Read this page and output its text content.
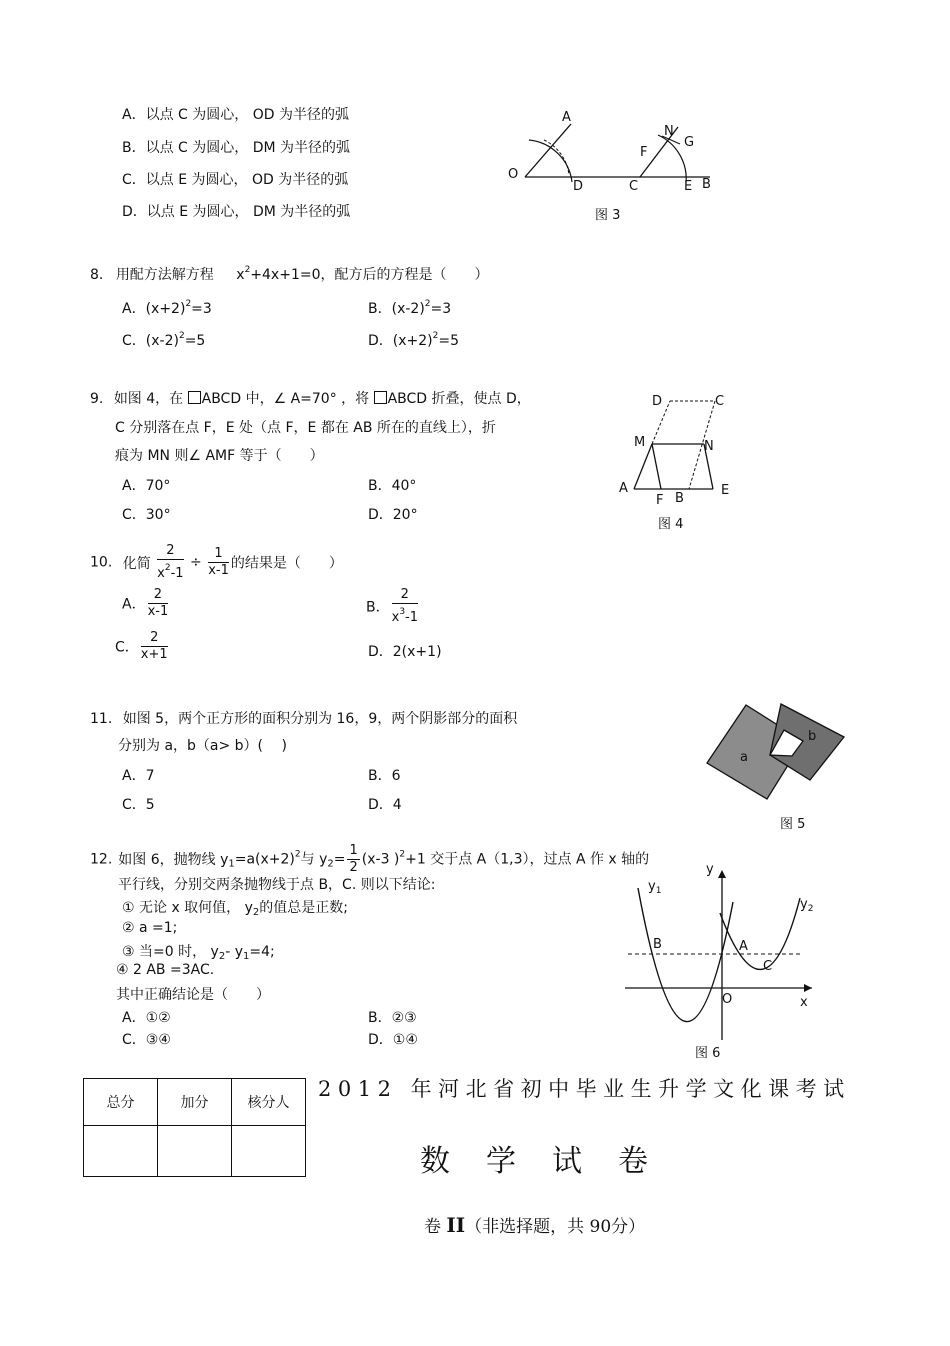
A．以点 C 为圆心， OD 为半径的弧
B．以点 C 为圆心， DM 为半径的弧
C．以点 E 为圆心， OD 为半径的弧
D．以点 E 为圆心， DM 为半径的弧
A
O
D	C	E B
N
G
F
图 3
8. 用配方法解方程 $x^2+4x+1=0$，配方后的方程是（　　）
A．$(x+2)^2=3$	B．$(x-2)^2=3$
C．$(x-2)^2=5$	D．$(x+2)^2=5$
9. 如图 4，在 ABCD 中，∠ A=70° ，将 ABCD 折叠，使点 D，
C 分别落在点 F，E 处（点 F，E 都在 AB 所在的直线上），折
痕为 MN 则∠ AMF 等于（　　）
A．70°	B．40°
C．30°	D．20°
D	C
M	N
A
F B
E
图 4
10. 化简 $\frac{2}{x^2-1} \div \frac{1}{x-1}$ 的结果是（　　）
A． $\frac{2}{x-1}$	B． $\frac{2}{x^3-1}$
C． $\frac{2}{x+1}$	D．2(x+1)
11. 如图 5，两个正方形的面积分别为 16，9，两个阴影部分的面积
分别为 a，b（a> b）(　 )
A．7	B．6
C．5	D．4
a
b
图 5
12. 如图 6，抛物线 $y_1=a(x+2)^2$与 $y_2= \frac{1}{2} (x-3$ )$^2$+1 交于点 A（1,3），过点 A 作 x 轴的
平行线，分别交两条抛物线于点 B，C. 则以下结论:
① 无论 x 取何值， $y_2$的值总是正数;
② a =1;
③ 当=0 时， $y_2-$ $y_1=4$;
④ 2 AB =3AC.
其中正确结论是（　　）
A．①②	B．②③
C．③④	D．①④
$y_1$
$y_2$
y
x
B	A
C
O
图 6
总分	加分	核分人

2012 年河北省初中毕业生升学文化课考试
数学试卷
卷 II（非选择题，共 90分）
